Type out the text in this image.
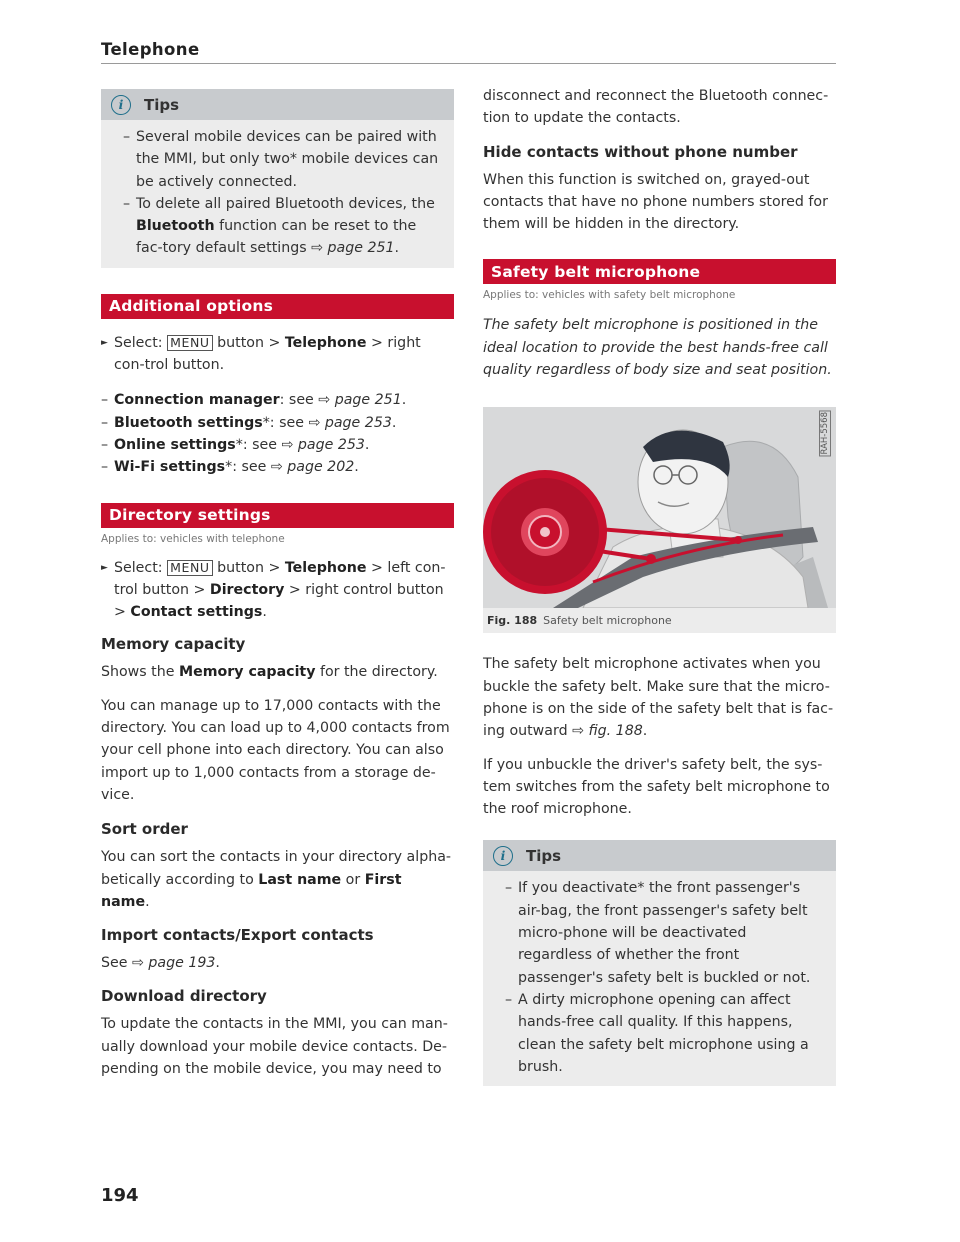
Telephone
i	Tips
– Several mobile devices can be paired with the MMI, but only two* mobile devices can be actively connected.
– To delete all paired Bluetooth devices, the Bluetooth function can be reset to the fac-tory default settings ⇨ page 251.
Additional options

► Select: MENU button > Telephone > right con-trol button.

– Connection manager: see ⇨ page 251.
– Bluetooth settings*: see ⇨ page 253.
– Online settings*: see ⇨ page 253.
– Wi-Fi settings*: see ⇨ page 202.
Directory settings
Applies to: vehicles with telephone

► Select: MENU button > Telephone > left con-trol button > Directory > right control button > Contact settings.

Memory capacity

Shows the Memory capacity for the directory.

You can manage up to 17,000 contacts with the directory. You can load up to 4,000 contacts from your cell phone into each directory. You can also import up to 1,000 contacts from a storage de-vice.

Sort order

You can sort the contacts in your directory alpha-betically according to Last name or First name.

Import contacts/Export contacts

See ⇨ page 193.

Download directory

To update the contacts in the MMI, you can man-ually download your mobile device contacts. De-pending on the mobile device, you may need to

disconnect and reconnect the Bluetooth connec-tion to update the contacts.

Hide contacts without phone number

When this function is switched on, grayed-out contacts that have no phone numbers stored for them will be hidden in the directory.

Safety belt microphone
Applies to: vehicles with safety belt microphone

The safety belt microphone is positioned in the ideal location to provide the best hands-free call quality regardless of body size and seat position.

RAH-5568
Fig. 188 Safety belt microphone

The safety belt microphone activates when you buckle the safety belt. Make sure that the micro-phone is on the side of the safety belt that is fac-ing outward ⇨ fig. 188.

If you unbuckle the driver's safety belt, the sys-tem switches from the safety belt microphone to the roof microphone.

i	Tips
– If you deactivate* the front passenger's air-bag, the front passenger's safety belt micro-phone will be deactivated regardless of whether the front passenger's safety belt is buckled or not.
– A dirty microphone opening can affect hands-free call quality. If this happens, clean the safety belt microphone using a brush.
194
